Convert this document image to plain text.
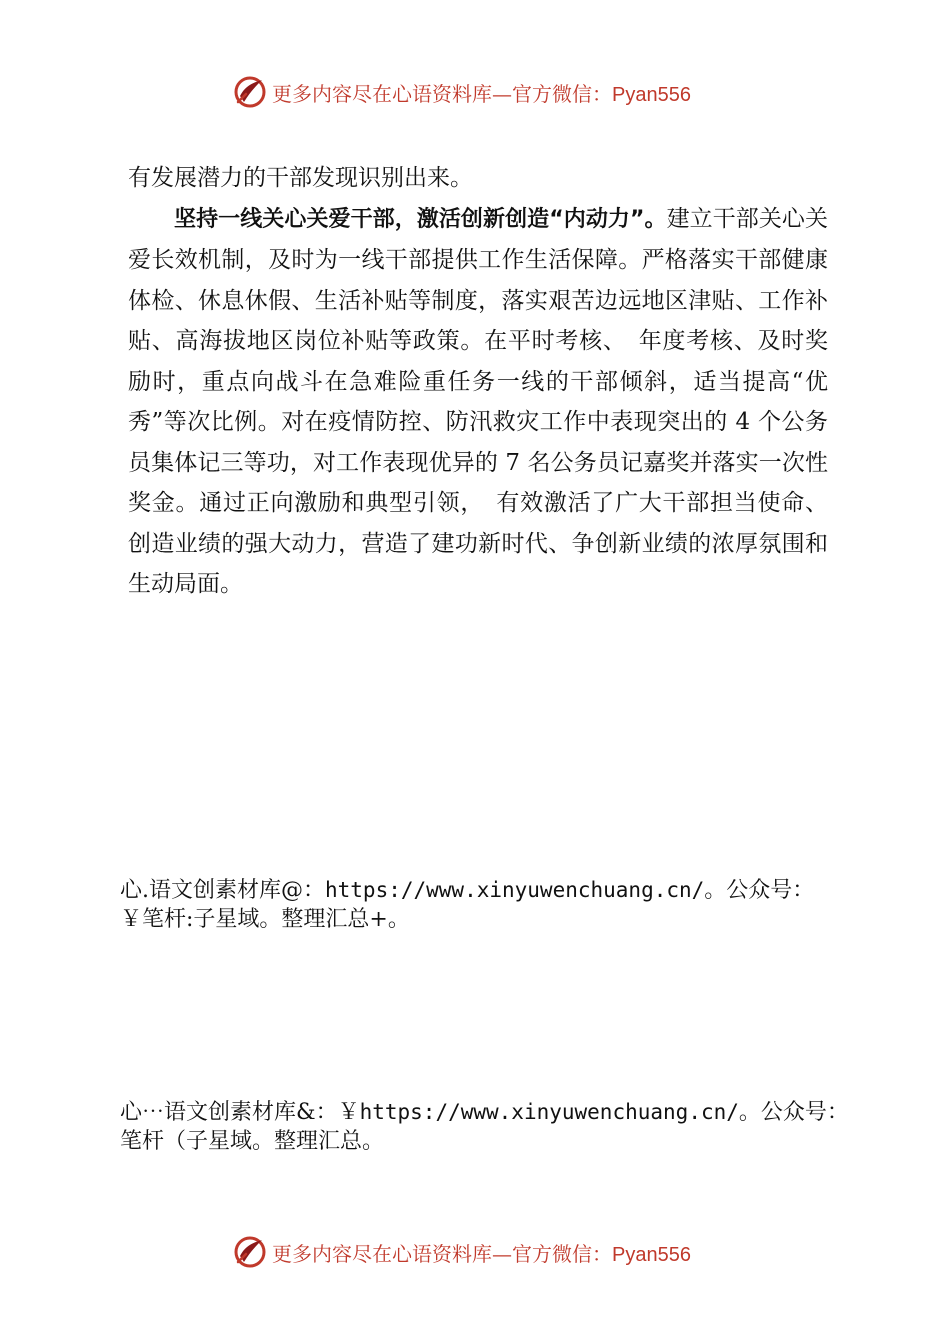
更多内容尽在心语资料库—官方微信：Pyan556

有发展潜力的干部发现识别出来。

坚持一线关心关爱干部，激活创新创造“内动力”。建立干部关心关爱长效机制，及时为一线干部提供工作生活保障。严格落实干部健康体检、休息休假、生活补贴等制度，落实艰苦边远地区津贴、工作补贴、高海拔地区岗位补贴等政策。在平时考核、　年度考核、及时奖励时，重点向战斗在急难险重任务一线的干部倾斜，适当提高“优秀”等次比例。对在疫情防控、防汛救灾工作中表现突出的 4 个公务员集体记三等功，对工作表现优异的 7 名公务员记嘉奖并落实一次性奖金。通过正向激励和典型引领，　有效激活了广大干部担当使命、创造业绩的强大动力，营造了建功新时代、争创新业绩的浓厚氛围和生动局面。

心.语文创素材库@：https://www.xinyuwenchuang.cn/。公众号：￥笔杆:子星域。整理汇总+。
心⋯语文创素材库&：￥https://www.xinyuwenchuang.cn/。公众号：笔杆（子星域。整理汇总。
更多内容尽在心语资料库—官方微信：Pyan556
